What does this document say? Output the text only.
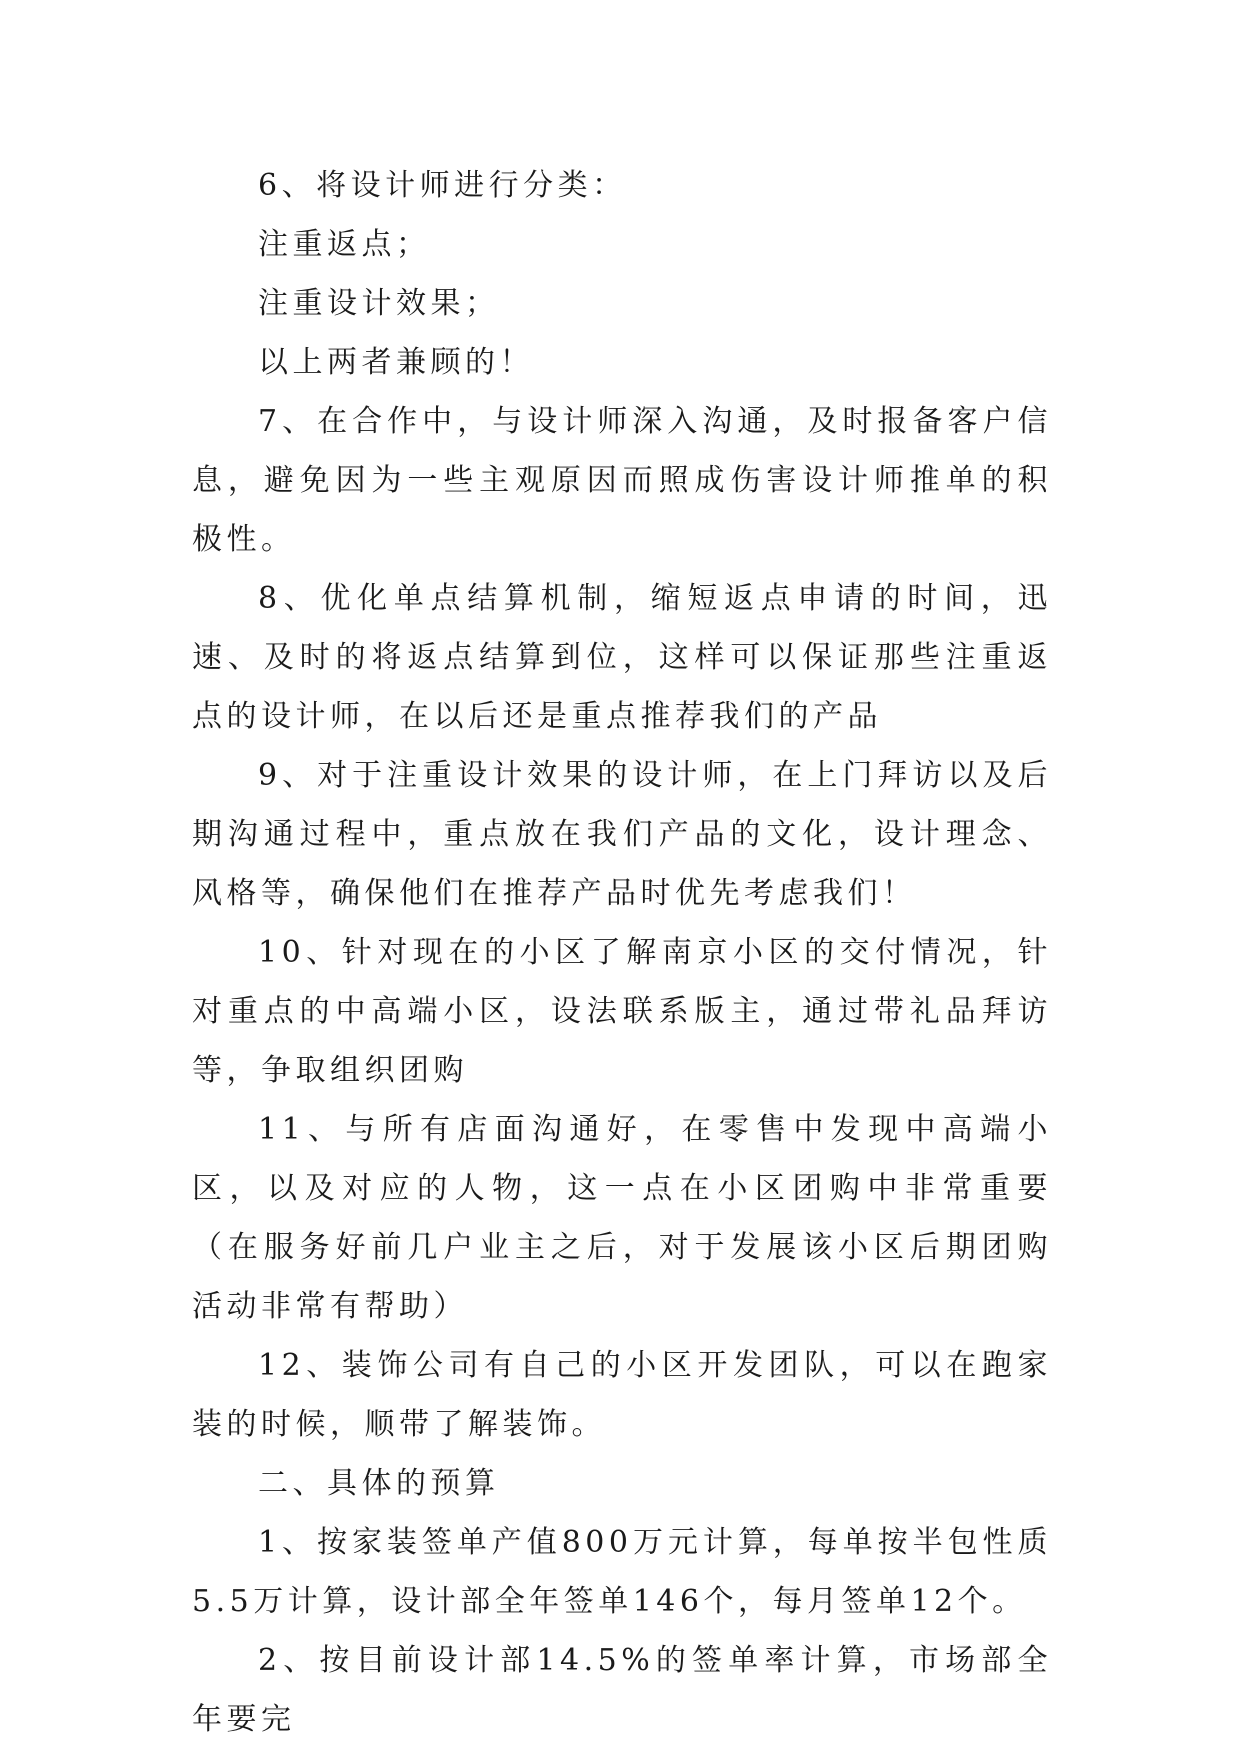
6、将设计师进行分类：

注重返点；

注重设计效果；

以上两者兼顾的！

7、在合作中，与设计师深入沟通，及时报备客户信息，避免因为一些主观原因而照成伤害设计师推单的积极性。

8、优化单点结算机制，缩短返点申请的时间，迅速、及时的将返点结算到位，这样可以保证那些注重返点的设计师，在以后还是重点推荐我们的产品

9、对于注重设计效果的设计师，在上门拜访以及后期沟通过程中，重点放在我们产品的文化，设计理念、风格等，确保他们在推荐产品时优先考虑我们！

10、针对现在的小区了解南京小区的交付情况，针对重点的中高端小区，设法联系版主，通过带礼品拜访等，争取组织团购

11、与所有店面沟通好，在零售中发现中高端小区，以及对应的人物，这一点在小区团购中非常重要（在服务好前几户业主之后，对于发展该小区后期团购活动非常有帮助）

12、装饰公司有自己的小区开发团队，可以在跑家装的时候，顺带了解装饰。

二、具体的预算

1、按家装签单产值800万元计算，每单按半包性质5.5万计算，设计部全年签单146个，每月签单12个。

2、按目前设计部14.5%的签单率计算，市场部全年要完
